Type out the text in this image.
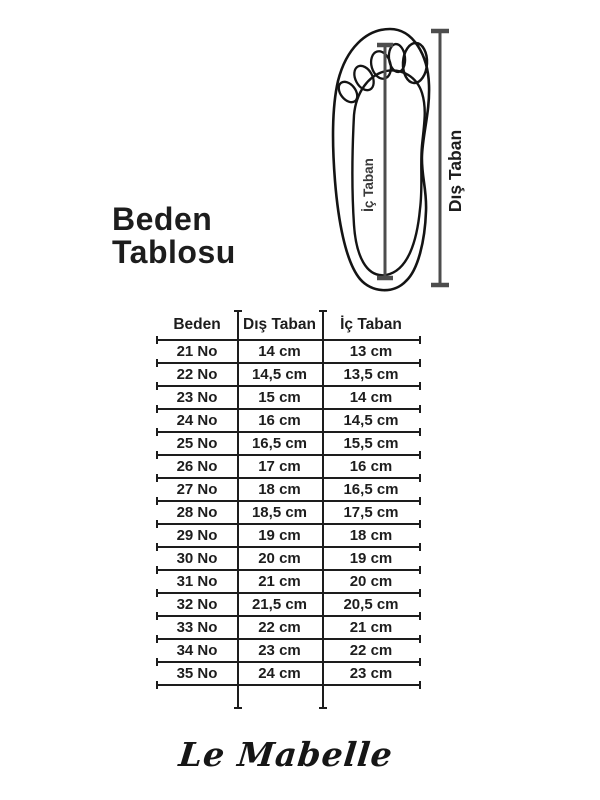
Beden
Tablosu
İç Taban	Dış Taban
Beden	Dış Taban	İç Taban
21 No	14 cm	13 cm
22 No	14,5 cm	13,5 cm
23 No	15 cm	14 cm
24 No	16 cm	14,5 cm
25 No	16,5 cm	15,5 cm
26 No	17 cm	16 cm
27 No	18 cm	16,5 cm
28 No	18,5 cm	17,5 cm
29 No	19 cm	18 cm
30 No	20 cm	19 cm
31 No	21 cm	20 cm
32 No	21,5 cm	20,5 cm
33 No	22 cm	21 cm
34 No	23 cm	22 cm
35 No	24 cm	23 cm
Le Mabelle
